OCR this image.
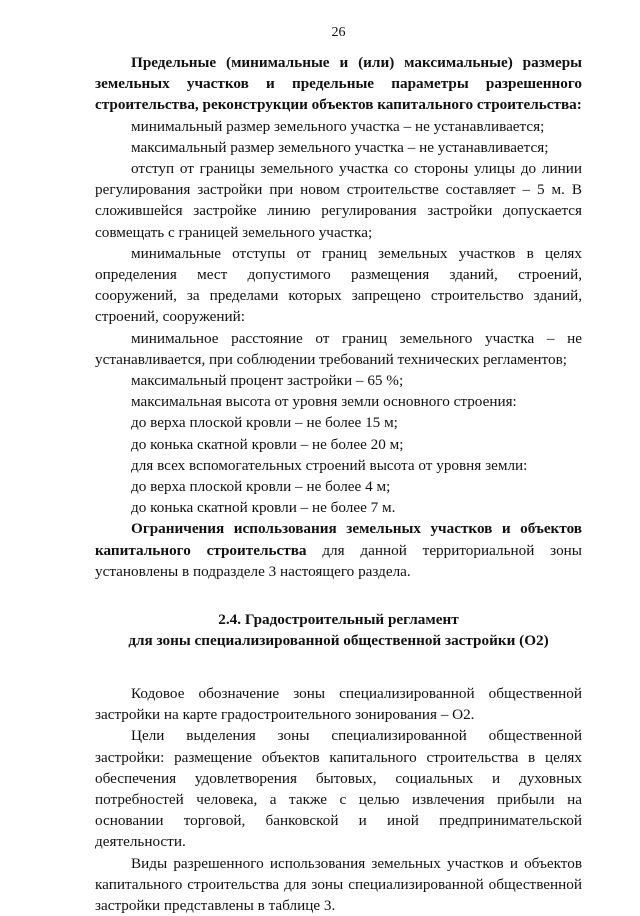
26

Предельные (минимальные и (или) максимальные) размеры земельных участков и предельные параметры разрешенного строительства, реконструкции объектов капитального строительства:

минимальный размер земельного участка – не устанавливается;

максимальный размер земельного участка – не устанавливается;

отступ от границы земельного участка со стороны улицы до линии регулирования застройки при новом строительстве составляет – 5 м. В сложившейся застройке линию регулирования застройки допускается совмещать с границей земельного участка;

минимальные отступы от границ земельных участков в целях определения мест допустимого размещения зданий, строений, сооружений, за пределами которых запрещено строительство зданий, строений, сооружений:

минимальное расстояние от границ земельного участка – не устанавливается, при соблюдении требований технических регламентов;

максимальный процент застройки – 65 %;

максимальная высота от уровня земли основного строения:

до верха плоской кровли – не более 15 м;

до конька скатной кровли – не более 20 м;

для всех вспомогательных строений высота от уровня земли:

до верха плоской кровли – не более 4 м;

до конька скатной кровли – не более 7 м.

Ограничения использования земельных участков и объектов капитального строительства для данной территориальной зоны установлены в подразделе 3 настоящего раздела.

2.4. Градостроительный регламент

для зоны специализированной общественной застройки (О2)

Кодовое обозначение зоны специализированной общественной застройки на карте градостроительного зонирования – О2.

Цели выделения зоны специализированной общественной застройки: размещение объектов капитального строительства в целях обеспечения удовлетворения бытовых, социальных и духовных потребностей человека, а также с целью извлечения прибыли на основании торговой, банковской и иной предпринимательской деятельности.

Виды разрешенного использования земельных участков и объектов капитального строительства для зоны специализированной общественной застройки представлены в таблице 3.
